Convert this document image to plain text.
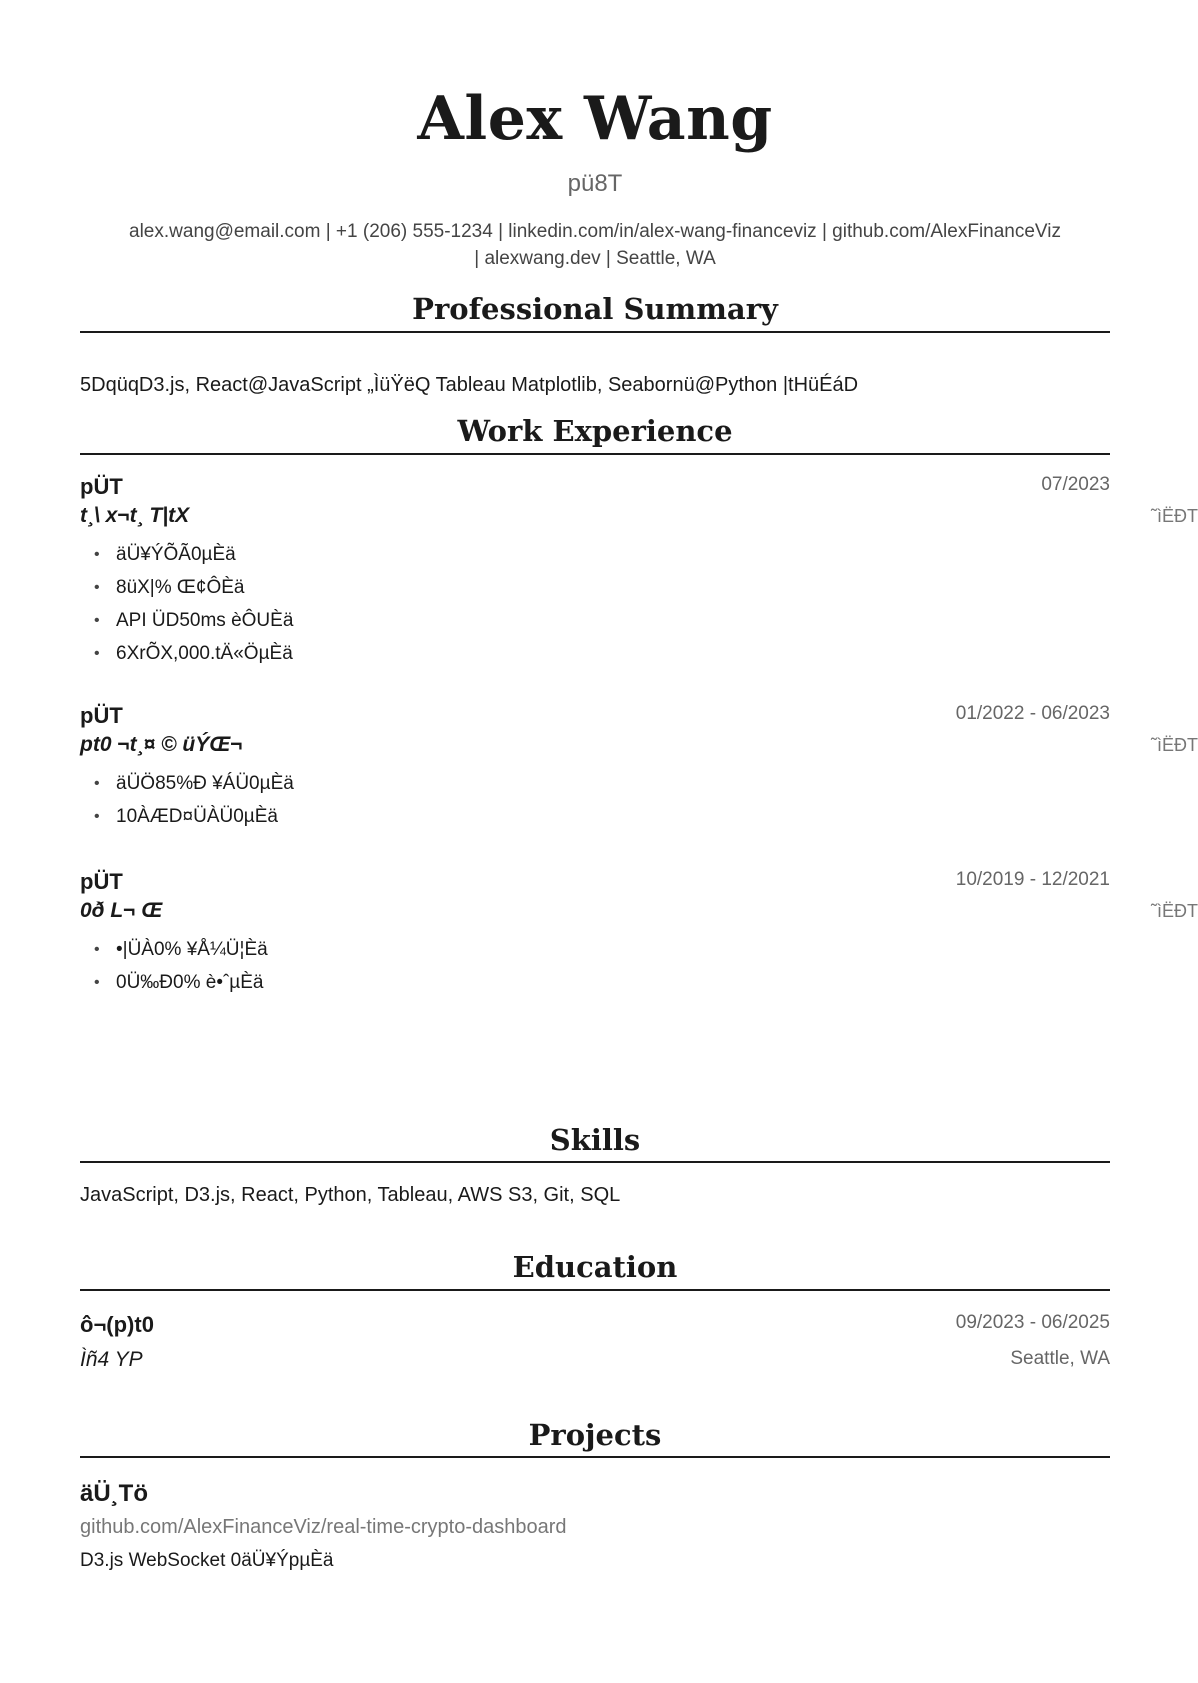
Alex Wang
pü8T
alex.wang@email.com | +1 (206) 555-1234 | linkedin.com/in/alex-wang-financeviz | github.com/AlexFinanceViz
| alexwang.dev | Seattle, WA
Professional Summary
5DqüqD3.js, React@JavaScript „ÌüŸëQ Tableau Matplotlib, Seabornü@Python |tHüÉáD
Work Experience
pÜT	07/2023
t¸\ x¬t¸ T|tX	˜ìËÐT
• äÜ¥ÝÕÃ0µÈä
• 8üX|% Œ¢ÔÈä
• API ÜD50ms èÔUÈä
• 6XrÕX,000.tÄ«ÖµÈä
pÜT	01/2022 - 06/2023
pt0 ¬t¸¤ © üÝŒ¬	˜ìËÐT
• äÜÖ85%Ð ¥ÁÜ0µÈä
• 10ÀÆD¤ÜÀÜ0µÈä
pÜT	10/2019 - 12/2021
0ð L¬ Œ	˜ìËÐT
• •|ÜÀ0% ¥Å¼Ü¦Èä
• 0Ü‰Ð0% è•ˆµÈä
Skills
JavaScript, D3.js, React, Python, Tableau, AWS S3, Git, SQL
Education
ô¬(p)t0	09/2023 - 06/2025
Ìñ4 YP	Seattle, WA
Projects
äÜ¸Tö
github.com/AlexFinanceViz/real-time-crypto-dashboard
D3.js WebSocket 0äÜ¥ÝpµÈä
